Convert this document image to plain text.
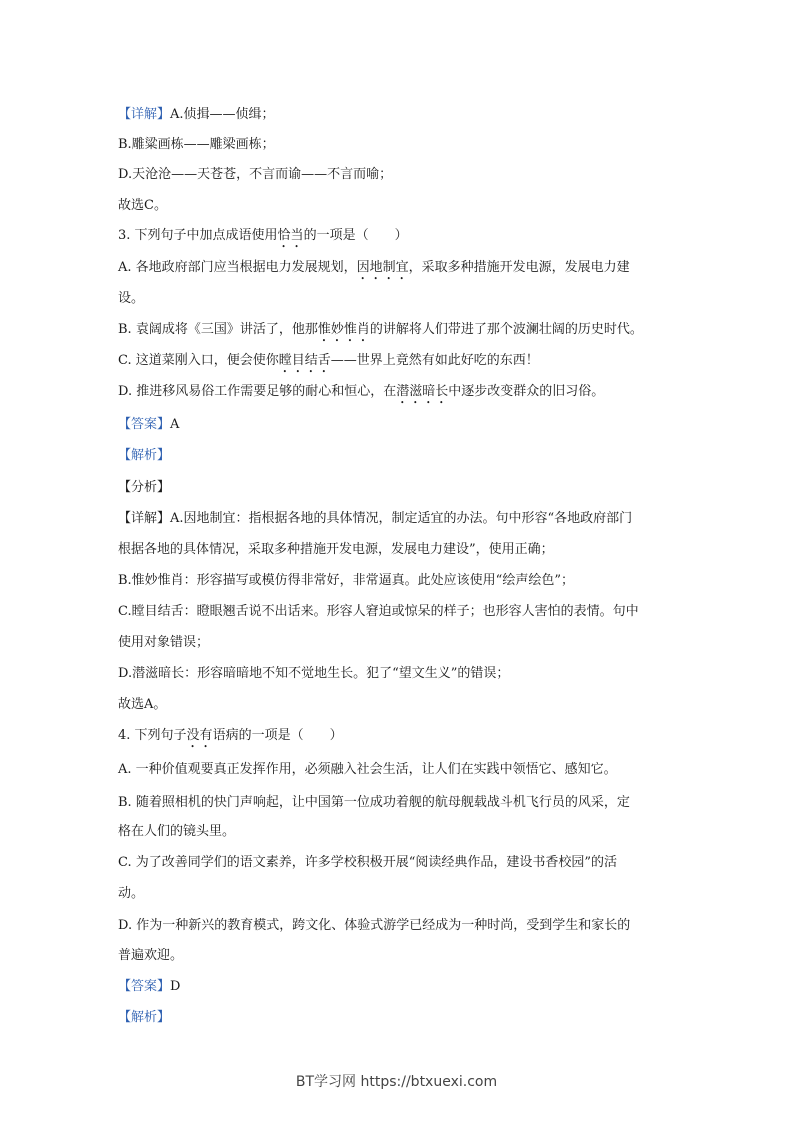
【详解】A.侦揖——侦缉；
B.雕粱画栋——雕梁画栋；
D.天沧沧——天苍苍，不言而谕——不言而喻；
故选C。
3. 下列句子中加点成语使用恰当的一项是（　　）
A. 各地政府部门应当根据电力发展规划，因地制宜，采取多种措施开发电源，发展电力建
设。
B. 袁阔成将《三国》讲活了，他那惟妙惟肖的讲解将人们带进了那个波澜壮阔的历史时代。
C. 这道菜刚入口，便会使你瞠目结舌——世界上竟然有如此好吃的东西！
D. 推进移风易俗工作需要足够的耐心和恒心，在潜滋暗长中逐步改变群众的旧习俗。
【答案】A
【解析】
【分析】
【详解】A.因地制宜：指根据各地的具体情况，制定适宜的办法。句中形容“各地政府部门
根据各地的具体情况，采取多种措施开发电源，发展电力建设”，使用正确；
B.惟妙惟肖：形容描写或模仿得非常好，非常逼真。此处应该使用“绘声绘色”；
C.瞠目结舌：瞪眼翘舌说不出话来。形容人窘迫或惊呆的样子；也形容人害怕的表情。句中
使用对象错误；
D.潜滋暗长：形容暗暗地不知不觉地生长。犯了“望文生义”的错误；
故选A。
4. 下列句子没有语病的一项是（　　）
A. 一种价值观要真正发挥作用，必须融入社会生活，让人们在实践中领悟它、感知它。
B. 随着照相机的快门声响起，让中国第一位成功着舰的航母舰载战斗机飞行员的风采，定
格在人们的镜头里。
C. 为了改善同学们的语文素养，许多学校积极开展“阅读经典作品，建设书香校园”的活
动。
D. 作为一种新兴的教育模式，跨文化、体验式游学已经成为一种时尚，受到学生和家长的
普遍欢迎。
【答案】D
【解析】
BT学习网 https://btxuexi.com
